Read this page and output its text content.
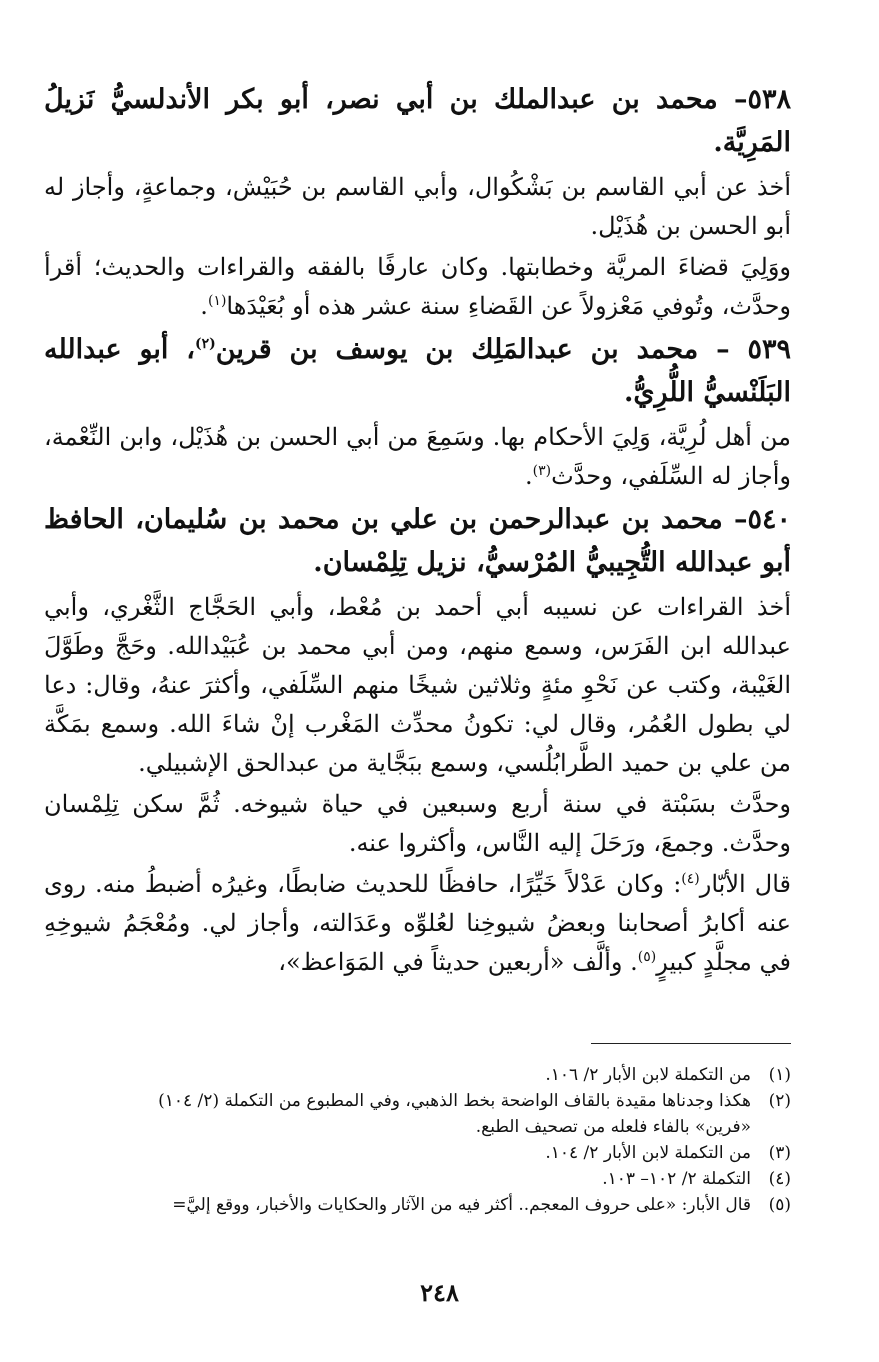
٥٣٨– محمد بن عبدالملك بن أبي نصر، أبو بكر الأندلسيُّ نَزيلُ المَرِيَّة.
أخذ عن أبي القاسم بن بَشْكُوال، وأبي القاسم بن حُبَيْش، وجماعةٍ، وأجاز له أبو الحسن بن هُذَيْل.
ووَلِيَ قضاءَ المريَّة وخطابتها. وكان عارفًا بالفقه والقراءات والحديث؛ أقرأ وحدَّث، وتُوفي مَعْزولاً عن القَضاءِ سنة عشر هذه أو بُعَيْدَها$^{(١)}$.
٥٣٩ – محمد بن عبدالمَلِك بن يوسف بن قرين$^{(٢)}$، أبو عبدالله البَلَنْسيُّ اللُّرِيُّ.
من أهل لُرِيَّة، وَلِيَ الأحكام بها. وسَمِعَ من أبي الحسن بن هُذَيْل، وابن النِّعْمة، وأجاز له السِّلَفي، وحدَّث$^{(٣)}$.
٥٤٠– محمد بن عبدالرحمن بن علي بن محمد بن سُليمان، الحافظ أبو عبدالله التُّجِيبيُّ المُرْسيُّ، نزيل تِلِمْسان.
أخذ القراءات عن نسيبه أبي أحمد بن مُعْط، وأبي الحَجَّاج الثَّغْري، وأبي عبدالله ابن الفَرَس، وسمع منهم، ومن أبي محمد بن عُبَيْدالله. وحَجَّ وطَوَّلَ الغَيْبة، وكتب عن نَحْوِ مئةٍ وثلاثين شيخًا منهم السِّلَفي، وأكثرَ عنهُ، وقال: دعا لي بطول العُمُر، وقال لي: تكونُ محدِّث المَغْرب إنْ شاءَ الله. وسمع بمَكَّة من علي بن حميد الطَّرابُلُسي، وسمع ببَجَّاية من عبدالحق الإشبيلي.
وحدَّث بسَبْتة في سنة أربع وسبعين في حياة شيوخه. ثُمَّ سكن تِلِمْسان وحدَّث. وجمعَ، ورَحَلَ إليه النَّاس، وأكثروا عنه.
قال الأبّار$^{(٤)}$: وكان عَدْلاً خَيِّرًا، حافظًا للحديث ضابطًا، وغيرُه أضبطُ منه. روى عنه أكابرُ أصحابنا وبعضُ شيوخِنا لعُلوِّه وعَدَالته، وأجاز لي. ومُعْجَمُ شيوخِهِ في مجلَّدٍ كبيرٍ$^{(٥)}$. وألَّف «أربعين حديثاً في المَوَاعظ»،
(١)
من التكملة لابن الأبار ٢/ ١٠٦.
(٢)
هكذا وجدناها مقيدة بالقاف الواضحة بخط الذهبي، وفي المطبوع من التكملة (٢/ ١٠٤)
«فرين» بالفاء فلعله من تصحيف الطبع.
(٣)
من التكملة لابن الأبار ٢/ ١٠٤.
(٤)
التكملة ٢/ ١٠٢– ١٠٣.
(٥)
قال الأبار: «على حروف المعجم.. أكثر فيه من الآثار والحكايات والأخبار، ووقع إليَّ=
٢٤٨
